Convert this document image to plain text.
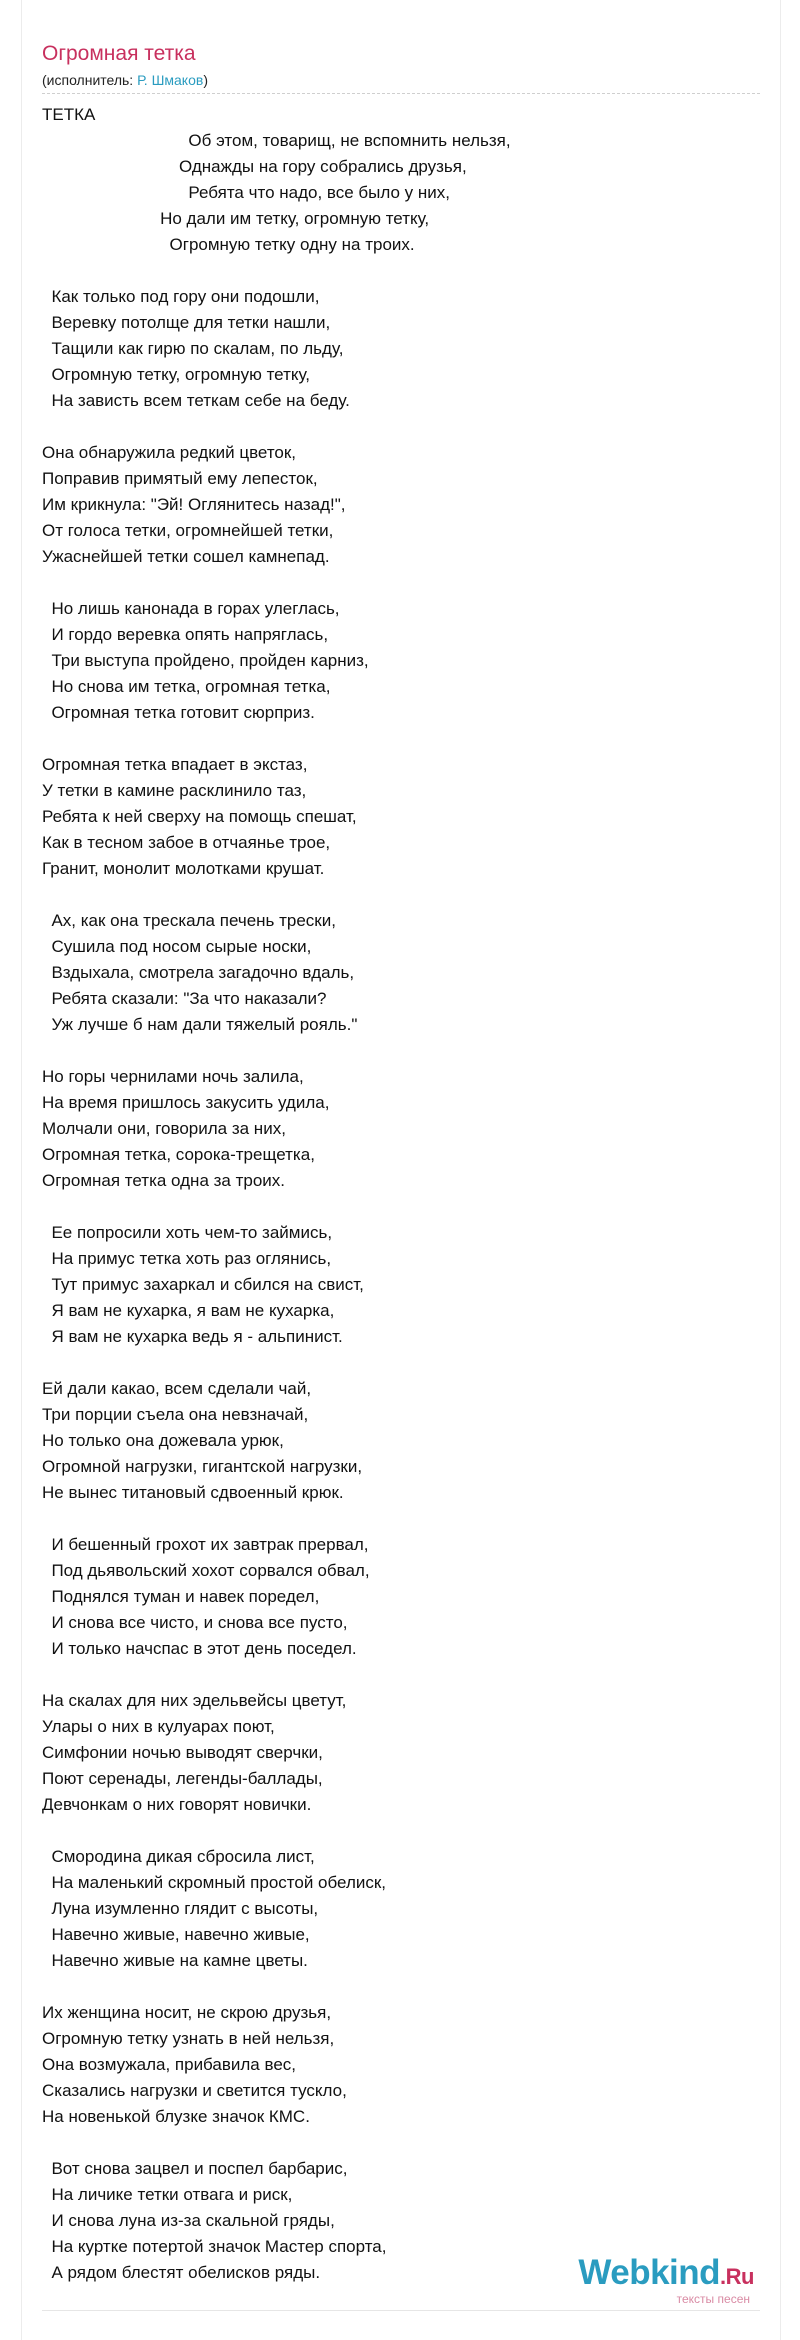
Огромная тетка
(исполнитель: Р. Шмаков)
ТЕТКА
Об этом, товарищ, не вспомнить нельзя,
Однажды на гору собрались друзья,
Ребята что надо, все было у них,
Но дали им тетку, огромную тетку,
Огромную тетку одну на троих.

Как только под гору они подошли,
Веревку потолще для тетки нашли,
Тащили как гирю по скалам, по льду,
Огромную тетку, огромную тетку,
На зависть всем теткам себе на беду.

Она обнаружила редкий цветок,
Поправив примятый ему лепесток,
Им крикнула: "Эй! Оглянитесь назад!",
От голоса тетки, огромнейшей тетки,
Ужаснейшей тетки сошел камнепад.

Но лишь канонада в горах улеглась,
И гордо веревка опять напряглась,
Три выступа пройдено, пройден карниз,
Но снова им тетка, огромная тетка,
Огромная тетка готовит сюрприз.

Огромная тетка впадает в экстаз,
У тетки в камине расклинило таз,
Ребята к ней сверху на помощь спешат,
Как в тесном забое в отчаянье трое,
Гранит, монолит молотками крушат.

Ах, как она трескала печень трески,
Сушила под носом сырые носки,
Вздыхала, смотрела загадочно вдаль,
Ребята сказали: "За что наказали?
Уж лучше б нам дали тяжелый рояль."

Но горы чернилами ночь залила,
На время пришлось закусить удила,
Молчали они, говорила за них,
Огромная тетка, сорока-трещетка,
Огромная тетка одна за троих.

Ее попросили хоть чем-то займись,
На примус тетка хоть раз оглянись,
Тут примус захаркал и сбился на свист,
Я вам не кухарка, я вам не кухарка,
Я вам не кухарка ведь я - альпинист.

Ей дали какао, всем сделали чай,
Три порции съела она невзначай,
Но только она дожевала урюк,
Огромной нагрузки, гигантской нагрузки,
Не вынес титановый сдвоенный крюк.

И бешенный грохот их завтрак прервал,
Под дьявольский хохот сорвался обвал,
Поднялся туман и навек поредел,
И снова все чисто, и снова все пусто,
И только начспас в этот день поседел.

На скалах для них эдельвейсы цветут,
Улары о них в кулуарах поют,
Симфонии ночью выводят сверчки,
Поют серенады, легенды-баллады,
Девчонкам о них говорят новички.

Смородина дикая сбросила лист,
На маленький скромный простой обелиск,
Луна изумленно глядит с высоты,
Навечно живые, навечно живые,
Навечно живые на камне цветы.

Их женщина носит, не скрою друзья,
Огромную тетку узнать в ней нельзя,
Она возмужала, прибавила вес,
Сказались нагрузки и светится тускло,
На новенькой блузке значок КМС.

Вот снова зацвел и поспел барбарис,
На личике тетки отвага и риск,
И снова луна из-за скальной гряды,
На куртке потертой значок Мастер спорта,
А рядом блестят обелисков ряды.	Webkind.Ru
тексты песен
